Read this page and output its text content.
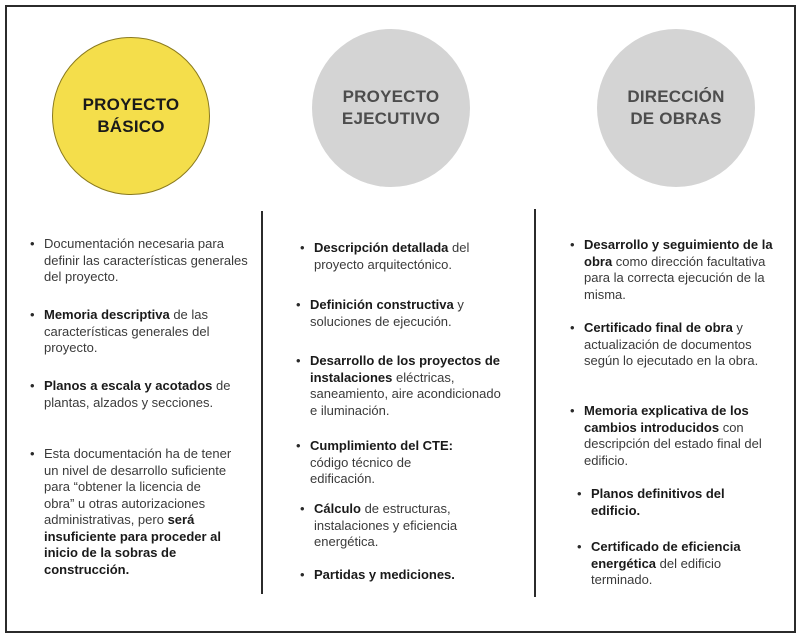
PROYECTO
BÁSICO
PROYECTO
EJECUTIVO
DIRECCIÓN
DE OBRAS
• Documentación necesaria para definir las características generales del proyecto.
• Memoria descriptiva de las características generales del proyecto.
• Planos a escala y acotados de plantas, alzados y secciones.
• Esta documentación ha de tener un nivel de desarrollo suficiente para “obtener la licencia de obra” u otras autorizaciones administrativas, pero será insuficiente para proceder al inicio de la sobras de construcción.
• Descripción detallada del proyecto arquitectónico.
• Definición constructiva y soluciones de ejecución.
• Desarrollo de los proyectos de instalaciones eléctricas, saneamiento, aire acondicionado e iluminación.
• Cumplimiento del CTE: código técnico de edificación.
• Cálculo de estructuras, instalaciones y eficiencia energética.
• Partidas y mediciones.
• Desarrollo y seguimiento de la obra como dirección facultativa para la correcta ejecución de la misma.
• Certificado final de obra y actualización de documentos según lo ejecutado en la obra.
• Memoria explicativa de los cambios introducidos con descripción del estado final del edificio.
• Planos definitivos del edificio.
• Certificado de eficiencia energética del edificio terminado.
